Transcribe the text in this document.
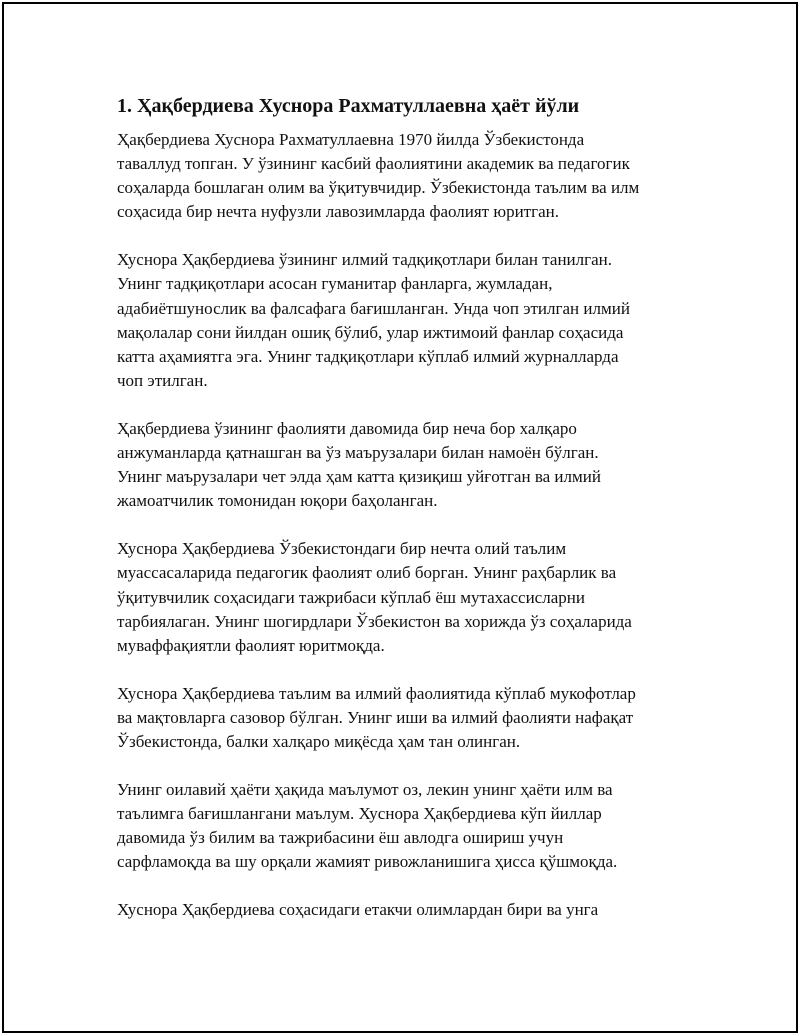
1. Ҳақбердиева Хуснора Рахматуллаевна ҳаёт йўли
Ҳақбердиева Хуснора Рахматуллаевна 1970 йилда Ўзбекистонда
таваллуд топган. У ўзининг касбий фаолиятини академик ва педагогик
соҳаларда бошлаган олим ва ўқитувчидир. Ўзбекистонда таълим ва илм
соҳасида бир нечта нуфузли лавозимларда фаолият юритган.
Хуснора Ҳақбердиева ўзининг илмий тадқиқотлари билан танилган.
Унинг тадқиқотлари асосан гуманитар фанларга, жумладан,
адабиётшунослик ва фалсафага бағишланган. Унда чоп этилган илмий
мақолалар сони йилдан ошиқ бўлиб, улар ижтимоий фанлар соҳасида
катта аҳамиятга эга. Унинг тадқиқотлари кўплаб илмий журналларда
чоп этилган.
Ҳақбердиева ўзининг фаолияти давомида бир неча бор халқаро
анжуманларда қатнашган ва ўз маърузалари билан намоён бўлган.
Унинг маърузалари чет элда ҳам катта қизиқиш уйғотган ва илмий
жамоатчилик томонидан юқори баҳоланган.
Хуснора Ҳақбердиева Ўзбекистондаги бир нечта олий таълим
муассасаларида педагогик фаолият олиб борган. Унинг раҳбарлик ва
ўқитувчилик соҳасидаги тажрибаси кўплаб ёш мутахассисларни
тарбиялаган. Унинг шогирдлари Ўзбекистон ва хорижда ўз соҳаларида
муваффақиятли фаолият юритмоқда.
Хуснора Ҳақбердиева таълим ва илмий фаолиятида кўплаб мукофотлар
ва мақтовларга сазовор бўлган. Унинг иши ва илмий фаолияти нафақат
Ўзбекистонда, балки халқаро миқёсда ҳам тан олинган.
Унинг оилавий ҳаёти ҳақида маълумот оз, лекин унинг ҳаёти илм ва
таълимга бағишлангани маълум. Хуснора Ҳақбердиева кўп йиллар
давомида ўз билим ва тажрибасини ёш авлодга ошириш учун
сарфламоқда ва шу орқали жамият ривожланишига ҳисса қўшмоқда.
Хуснора Ҳақбердиева соҳасидаги етакчи олимлардан бири ва унга
